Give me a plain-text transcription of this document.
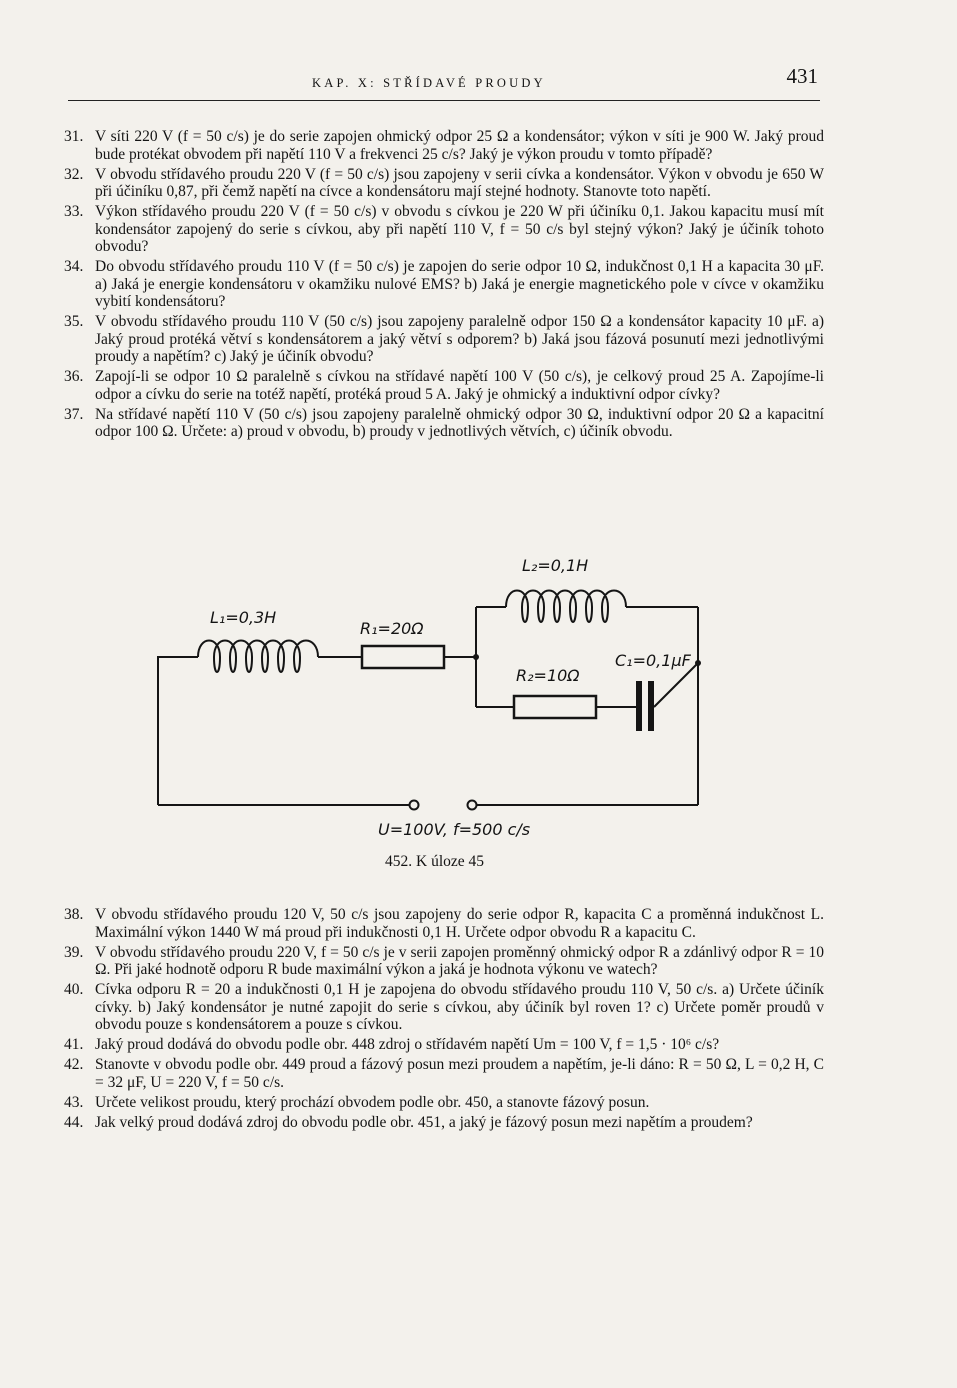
KAP. X: STŘÍDAVÉ PROUDY	431
31. V síti 220 V (f = 50 c/s) je do serie zapojen ohmický odpor 25 Ω a kondensátor; výkon v síti je 900 W. Jaký proud bude protékat obvodem při napětí 110 V a frekvenci 25 c/s? Jaký je výkon proudu v tomto případě?
32. V obvodu střídavého proudu 220 V (f = 50 c/s) jsou zapojeny v serii cívka a kondensátor. Výkon v obvodu je 650 W při účiníku 0,87, při čemž napětí na cívce a kondensátoru mají stejné hodnoty. Stanovte toto napětí.
33. Výkon střídavého proudu 220 V (f = 50 c/s) v obvodu s cívkou je 220 W při účiníku 0,1. Jakou kapacitu musí mít kondensátor zapojený do serie s cívkou, aby při napětí 110 V, f = 50 c/s byl stejný výkon? Jaký je účiník tohoto obvodu?
34. Do obvodu střídavého proudu 110 V (f = 50 c/s) je zapojen do serie odpor 10 Ω, indukčnost 0,1 H a kapacita 30 μF. a) Jaká je energie kondensátoru v okamžiku nulové EMS? b) Jaká je energie magnetického pole v cívce v okamžiku vybití kondensátoru?
35. V obvodu střídavého proudu 110 V (50 c/s) jsou zapojeny paralelně odpor 150 Ω a kondensátor kapacity 10 μF. a) Jaký proud protéká větví s kondensátorem a jaký větví s odporem? b) Jaká jsou fázová posunutí mezi jednotlivými proudy a napětím? c) Jaký je účiník obvodu?
36. Zapojí-li se odpor 10 Ω paralelně s cívkou na střídavé napětí 100 V (50 c/s), je celkový proud 25 A. Zapojíme-li odpor a cívku do serie na totéž napětí, protéká proud 5 A. Jaký je ohmický a induktivní odpor cívky?
37. Na střídavé napětí 110 V (50 c/s) jsou zapojeny paralelně ohmický odpor 30 Ω, induktivní odpor 20 Ω a kapacitní odpor 100 Ω. Určete: a) proud v obvodu, b) proudy v jednotlivých větvích, c) účiník obvodu.
L₁=0,3H
R₁=20Ω
L₂=0,1H
R₂=10Ω
C₁=0,1μF
U=100V, f=500 c/s
452. K úloze 45
38. V obvodu střídavého proudu 120 V, 50 c/s jsou zapojeny do serie odpor R, kapacita C a proměnná indukčnost L. Maximální výkon 1440 W má proud při indukčnosti 0,1 H. Určete odpor obvodu R a kapacitu C.
39. V obvodu střídavého proudu 220 V, f = 50 c/s je v serii zapojen proměnný ohmický odpor R a zdánlivý odpor R = 10 Ω. Při jaké hodnotě odporu R bude maximální výkon a jaká je hodnota výkonu ve watech?
40. Cívka odporu R = 20 a indukčnosti 0,1 H je zapojena do obvodu střídavého proudu 110 V, 50 c/s. a) Určete účiník cívky. b) Jaký kondensátor je nutné zapojit do serie s cívkou, aby účiník byl roven 1? c) Určete poměr proudů v obvodu pouze s kondensátorem a pouze s cívkou.
41. Jaký proud dodává do obvodu podle obr. 448 zdroj o střídavém napětí Um = 100 V, f = 1,5 · 10⁶ c/s?
42. Stanovte v obvodu podle obr. 449 proud a fázový posun mezi proudem a napětím, je-li dáno: R = 50 Ω, L = 0,2 H, C = 32 μF, U = 220 V, f = 50 c/s.
43. Určete velikost proudu, který prochází obvodem podle obr. 450, a stanovte fázový posun.
44. Jak velký proud dodává zdroj do obvodu podle obr. 451, a jaký je fázový posun mezi napětím a proudem?
